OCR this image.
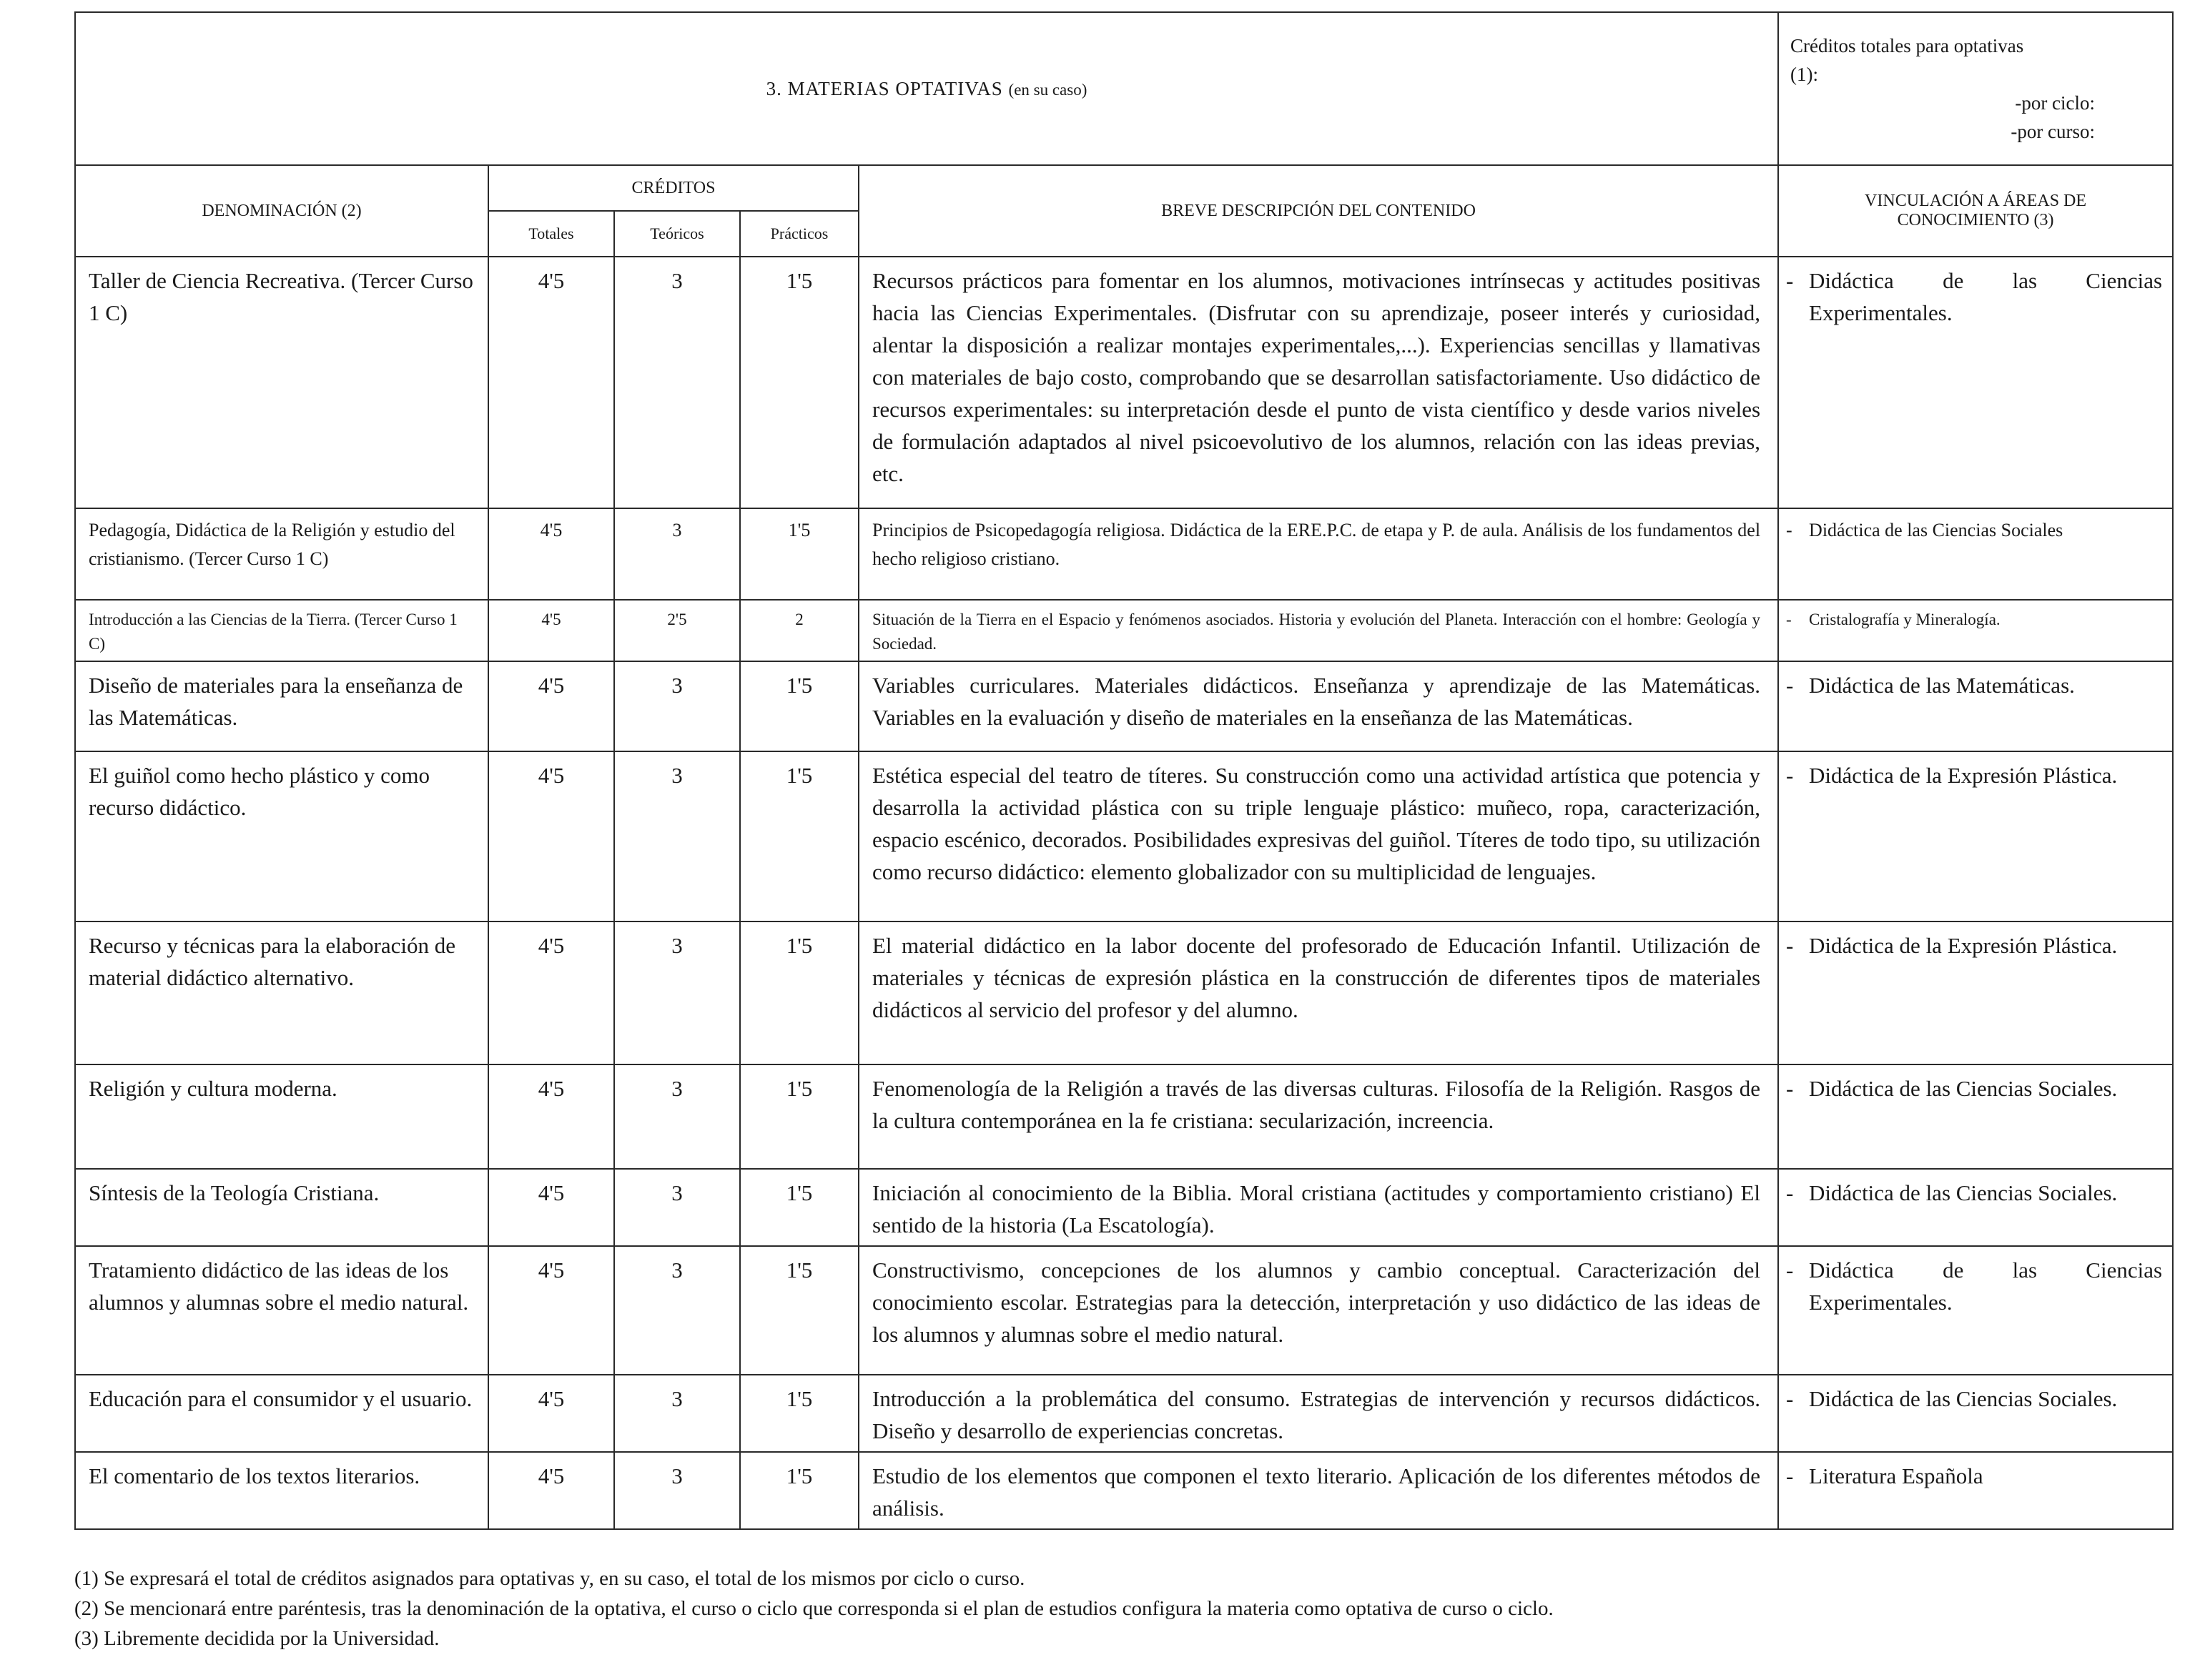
3. MATERIAS OPTATIVAS (en su caso)					Créditos totales para optativas
(1):
-por ciclo:
-por curso:

DENOMINACIÓN (2)	CRÉDITOS			BREVE DESCRIPCIÓN DEL CONTENIDO	VINCULACIÓN A ÁREAS DE CONOCIMIENTO (3)
	Totales	Teóricos	Prácticos		
Taller de Ciencia Recreativa. (Tercer Curso 1 C)	4'5	3	1'5	Recursos prácticos para fomentar en los alumnos, motivaciones intrínsecas y actitudes positivas hacia las Ciencias Experimentales. (Disfrutar con su aprendizaje, poseer interés y curiosidad, alentar la disposición a realizar montajes experimentales,...). Experiencias sencillas y llamativas con materiales de bajo costo, comprobando que se desarrollan satisfactoriamente. Uso didáctico de recursos experimentales: su interpretación desde el punto de vista científico y desde varios niveles de formulación adaptados al nivel psicoevolutivo de los alumnos, relación con las ideas previas, etc.	- Didáctica de las Ciencias Experimentales.

Pedagogía, Didáctica de la Religión y estudio del cristianismo. (Tercer Curso 1 C)	4'5	3	1'5	Principios de Psicopedagogía religiosa. Didáctica de la ERE.P.C. de etapa y P. de aula. Análisis de los fundamentos del hecho religioso cristiano.	- Didáctica de las Ciencias Sociales

Introducción a las Ciencias de la Tierra. (Tercer Curso 1 C)	4'5	2'5	2	Situación de la Tierra en el Espacio y fenómenos asociados. Historia y evolución del Planeta. Interacción con el hombre: Geología y Sociedad.	- Cristalografía y Mineralogía.

Diseño de materiales para la enseñanza de las Matemáticas.	4'5	3	1'5	Variables curriculares. Materiales didácticos. Enseñanza y aprendizaje de las Matemáticas. Variables en la evaluación y diseño de materiales en la enseñanza de las Matemáticas.	- Didáctica de las Matemáticas.

El guiñol como hecho plástico y como recurso didáctico.	4'5	3	1'5	Estética especial del teatro de títeres. Su construcción como una actividad artística que potencia y desarrolla la actividad plástica con su triple lenguaje plástico: muñeco, ropa, caracterización, espacio escénico, decorados. Posibilidades expresivas del guiñol. Títeres de todo tipo, su utilización como recurso didáctico: elemento globalizador con su multiplicidad de lenguajes.	- Didáctica de la Expresión Plástica.

Recurso y técnicas para la elaboración de material didáctico alternativo.	4'5	3	1'5	El material didáctico en la labor docente del profesorado de Educación Infantil. Utilización de materiales y técnicas de expresión plástica en la construcción de diferentes tipos de materiales didácticos al servicio del profesor y del alumno.	- Didáctica de la Expresión Plástica.

Religión y cultura moderna.	4'5	3	1'5	Fenomenología de la Religión a través de las diversas culturas. Filosofía de la Religión. Rasgos de la cultura contemporánea en la fe cristiana: secularización, increencia.	- Didáctica de las Ciencias Sociales.

Síntesis de la Teología Cristiana.	4'5	3	1'5	Iniciación al conocimiento de la Biblia. Moral cristiana (actitudes y comportamiento cristiano) El sentido de la historia (La Escatología).	- Didáctica de las Ciencias Sociales.

Tratamiento didáctico de las ideas de los alumnos y alumnas sobre el medio natural.	4'5	3	1'5	Constructivismo, concepciones de los alumnos y cambio conceptual. Caracterización del conocimiento escolar. Estrategias para la detección, interpretación y uso didáctico de las ideas de los alumnos y alumnas sobre el medio natural.	- Didáctica de las Ciencias Experimentales.

Educación para el consumidor y el usuario.	4'5	3	1'5	Introducción a la problemática del consumo. Estrategias de intervención y recursos didácticos. Diseño y desarrollo de experiencias concretas.	- Didáctica de las Ciencias Sociales.

El comentario de los textos literarios.	4'5	3	1'5	Estudio de los elementos que componen el texto literario. Aplicación de los diferentes métodos de análisis.	- Literatura Española
(1) Se expresará el total de créditos asignados para optativas y, en su caso, el total de los mismos por ciclo o curso.
(2) Se mencionará entre paréntesis, tras la denominación de la optativa, el curso o ciclo que corresponda si el plan de estudios configura la materia como optativa de curso o ciclo.
(3) Libremente decidida por la Universidad.
